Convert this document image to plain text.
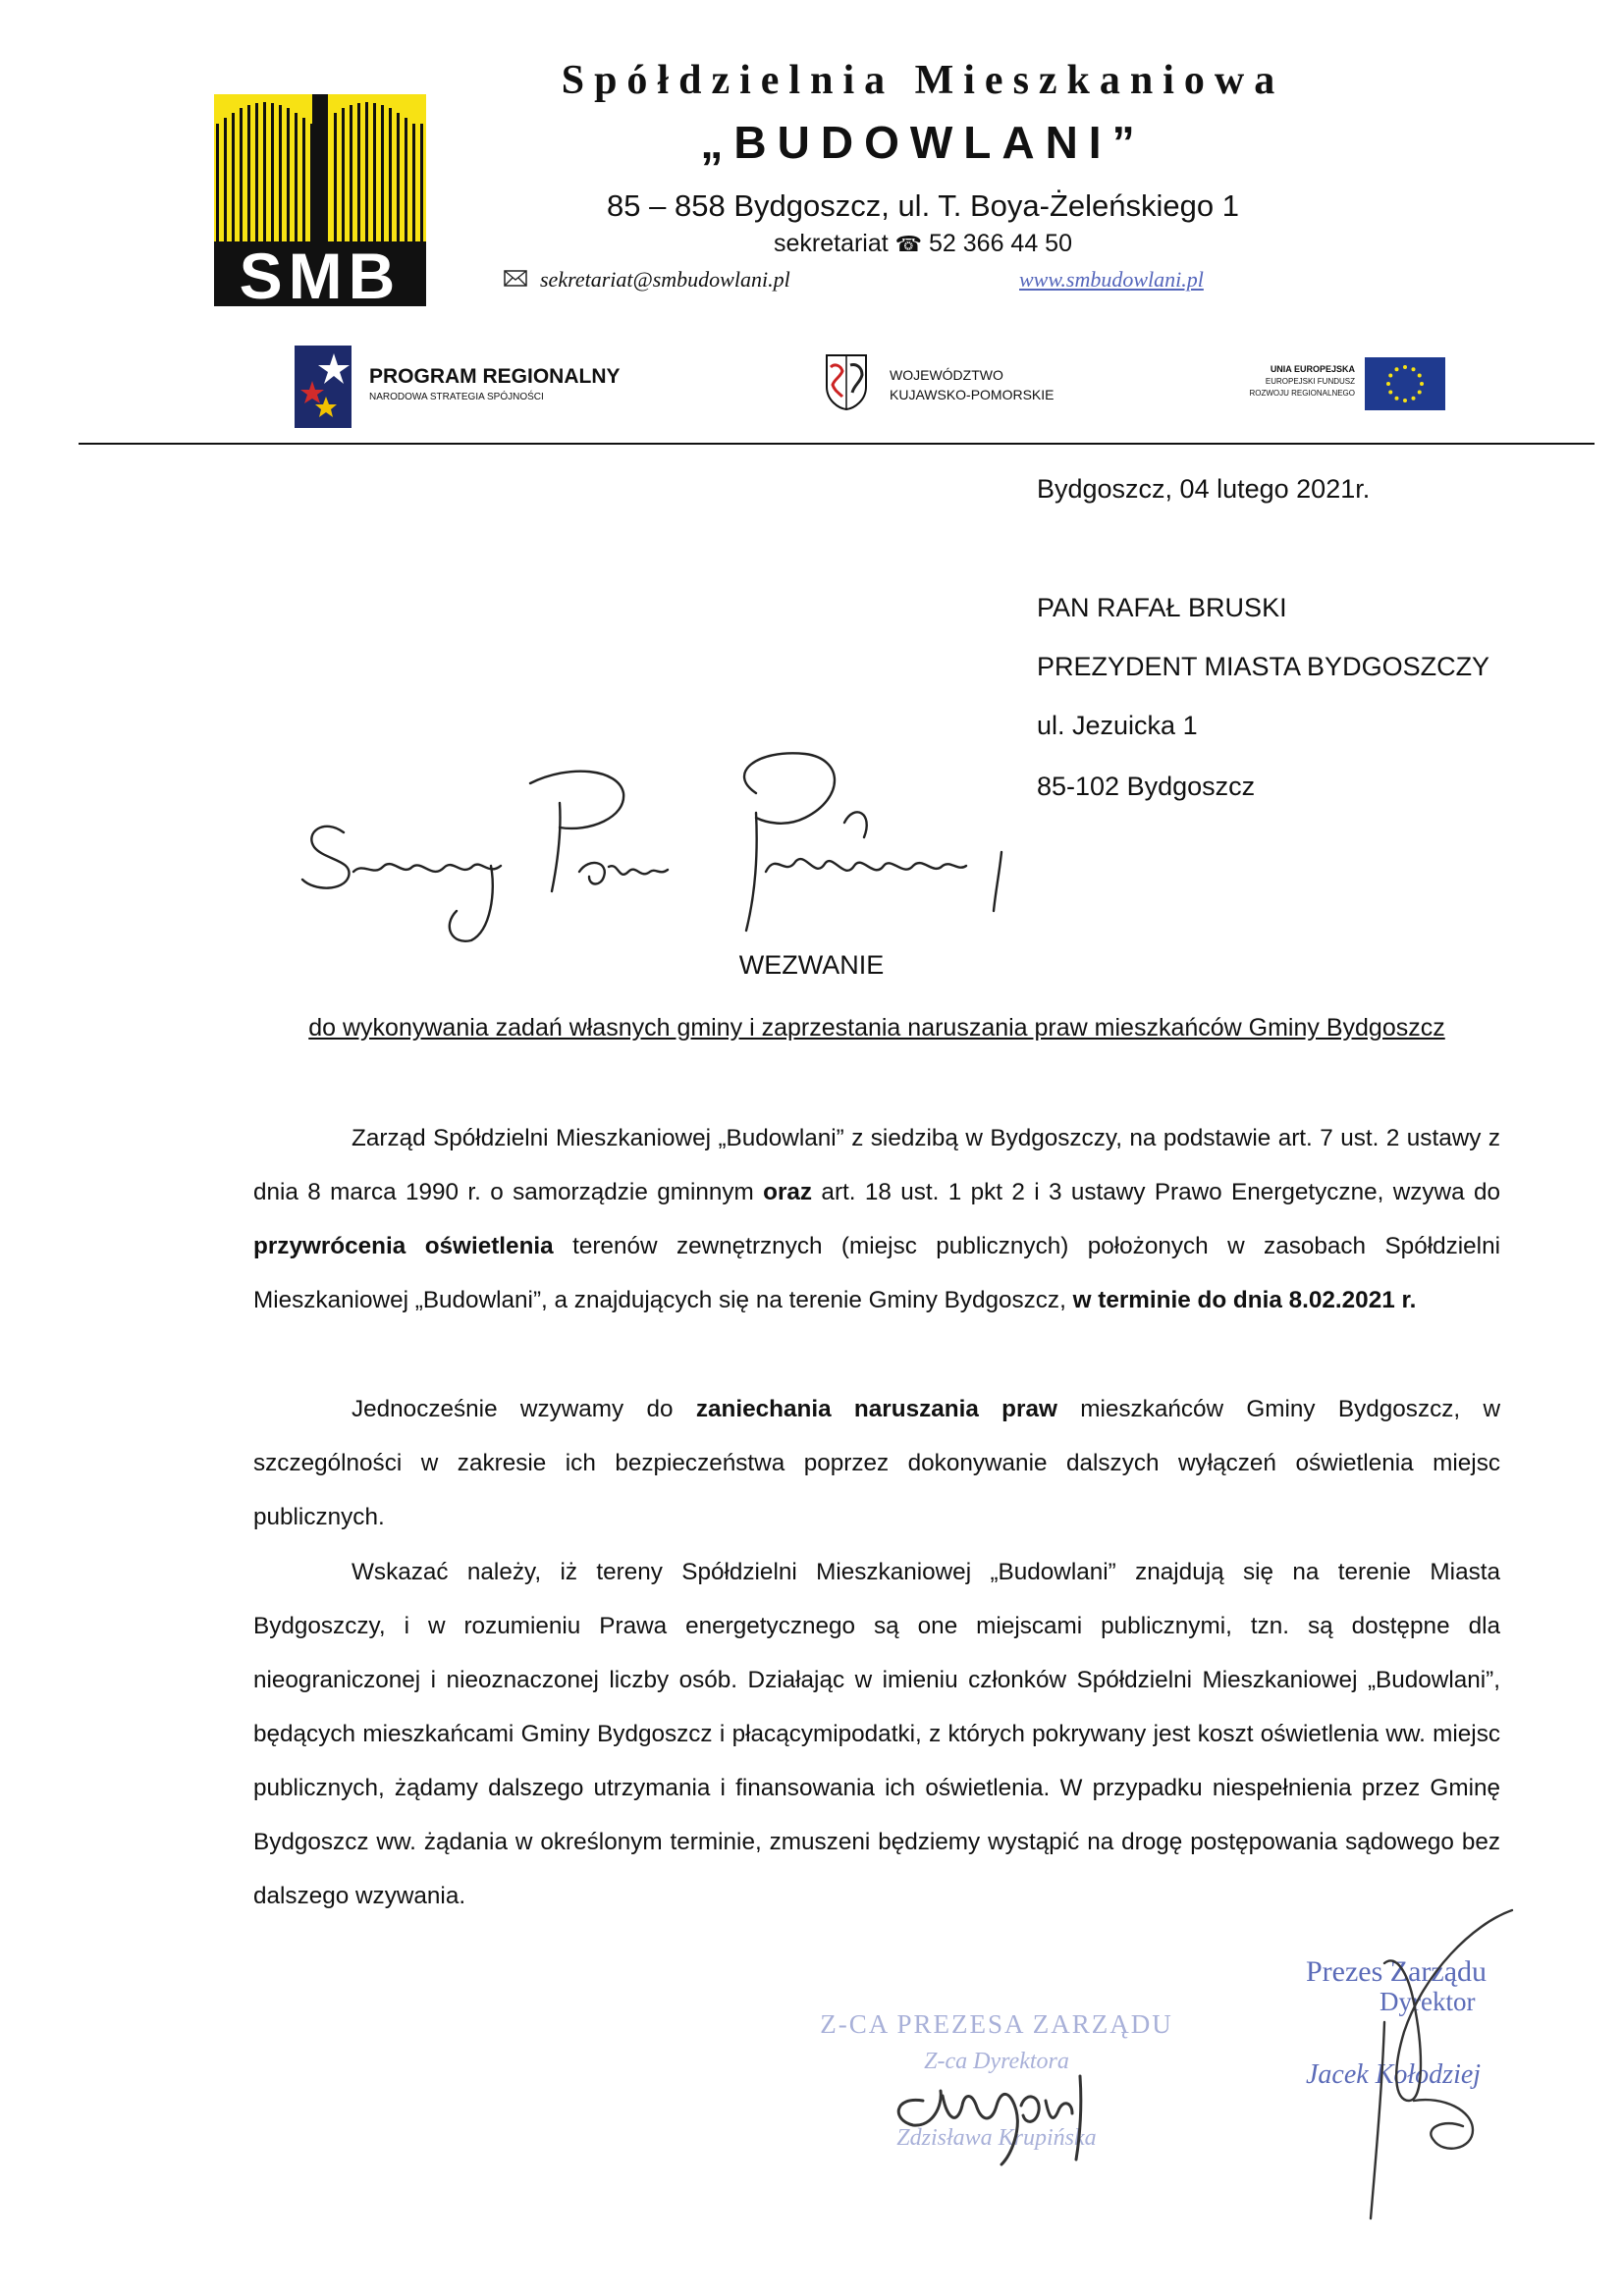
SMB
Spółdzielnia Mieszkaniowa
„BUDOWLANI”
85 – 858 Bydgoszcz, ul. T. Boya-Żeleńskiego 1
sekretariat ☎ 52 366 44 50
sekretariat@smbudowlani.pl	www.smbudowlani.pl
PROGRAM REGIONALNY
NARODOWA STRATEGIA SPÓJNOŚCI
WOJEWÓDZTWO
KUJAWSKO-POMORSKIE
UNIA EUROPEJSKA
EUROPEJSKI FUNDUSZ
ROZWOJU REGIONALNEGO
Bydgoszcz, 04 lutego 2021r.
PAN RAFAŁ BRUSKI
PREZYDENT MIASTA BYDGOSZCZY
ul. Jezuicka 1
85-102 Bydgoszcz
WEZWANIE
do wykonywania zadań własnych gminy i zaprzestania naruszania praw mieszkańców Gminy Bydgoszcz
Zarząd Spółdzielni Mieszkaniowej „Budowlani” z siedzibą w Bydgoszczy, na podstawie art. 7 ust. 2 ustawy z dnia 8 marca 1990 r. o samorządzie gminnym oraz art. 18 ust. 1 pkt 2 i 3 ustawy Prawo Energetyczne, wzywa do przywrócenia oświetlenia terenów zewnętrznych (miejsc publicznych) położonych w zasobach Spółdzielni Mieszkaniowej „Budowlani”, a znajdujących się na terenie Gminy Bydgoszcz, w terminie do dnia 8.02.2021 r.
Jednocześnie wzywamy do zaniechania naruszania praw mieszkańców Gminy Bydgoszcz, w szczególności w zakresie ich bezpieczeństwa poprzez dokonywanie dalszych wyłączeń oświetlenia miejsc publicznych.
Wskazać należy, iż tereny Spółdzielni Mieszkaniowej „Budowlani” znajdują się na terenie Miasta Bydgoszczy, i w rozumieniu Prawa energetycznego są one miejscami publicznymi, tzn. są dostępne dla nieograniczonej i nieoznaczonej liczby osób. Działając w imieniu członków Spółdzielni Mieszkaniowej „Budowlani”, będących mieszkańcami Gminy Bydgoszcz i płacącymipodatki, z których pokrywany jest koszt oświetlenia ww. miejsc publicznych, żądamy dalszego utrzymania i finansowania ich oświetlenia. W przypadku niespełnienia przez Gminę Bydgoszcz ww. żądania w określonym terminie, zmuszeni będziemy wystąpić na drogę postępowania sądowego bez dalszego wzywania.
Z-CA PREZESA ZARZĄDU
Z-ca Dyrektora
Zdzisława Krupińska
Prezes Zarządu
Dyrektor
Jacek Kołodziej
